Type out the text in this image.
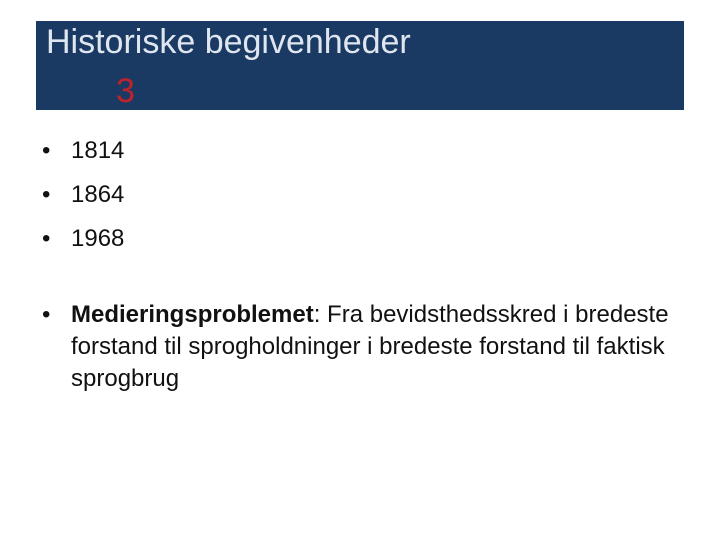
Historiske begivenheder
3
• 1814
• 1864
• 1968
• Medieringsproblemet: Fra bevidsthedsskred i bredeste forstand til sprogholdninger i bredeste forstand til faktisk sprogbrug
